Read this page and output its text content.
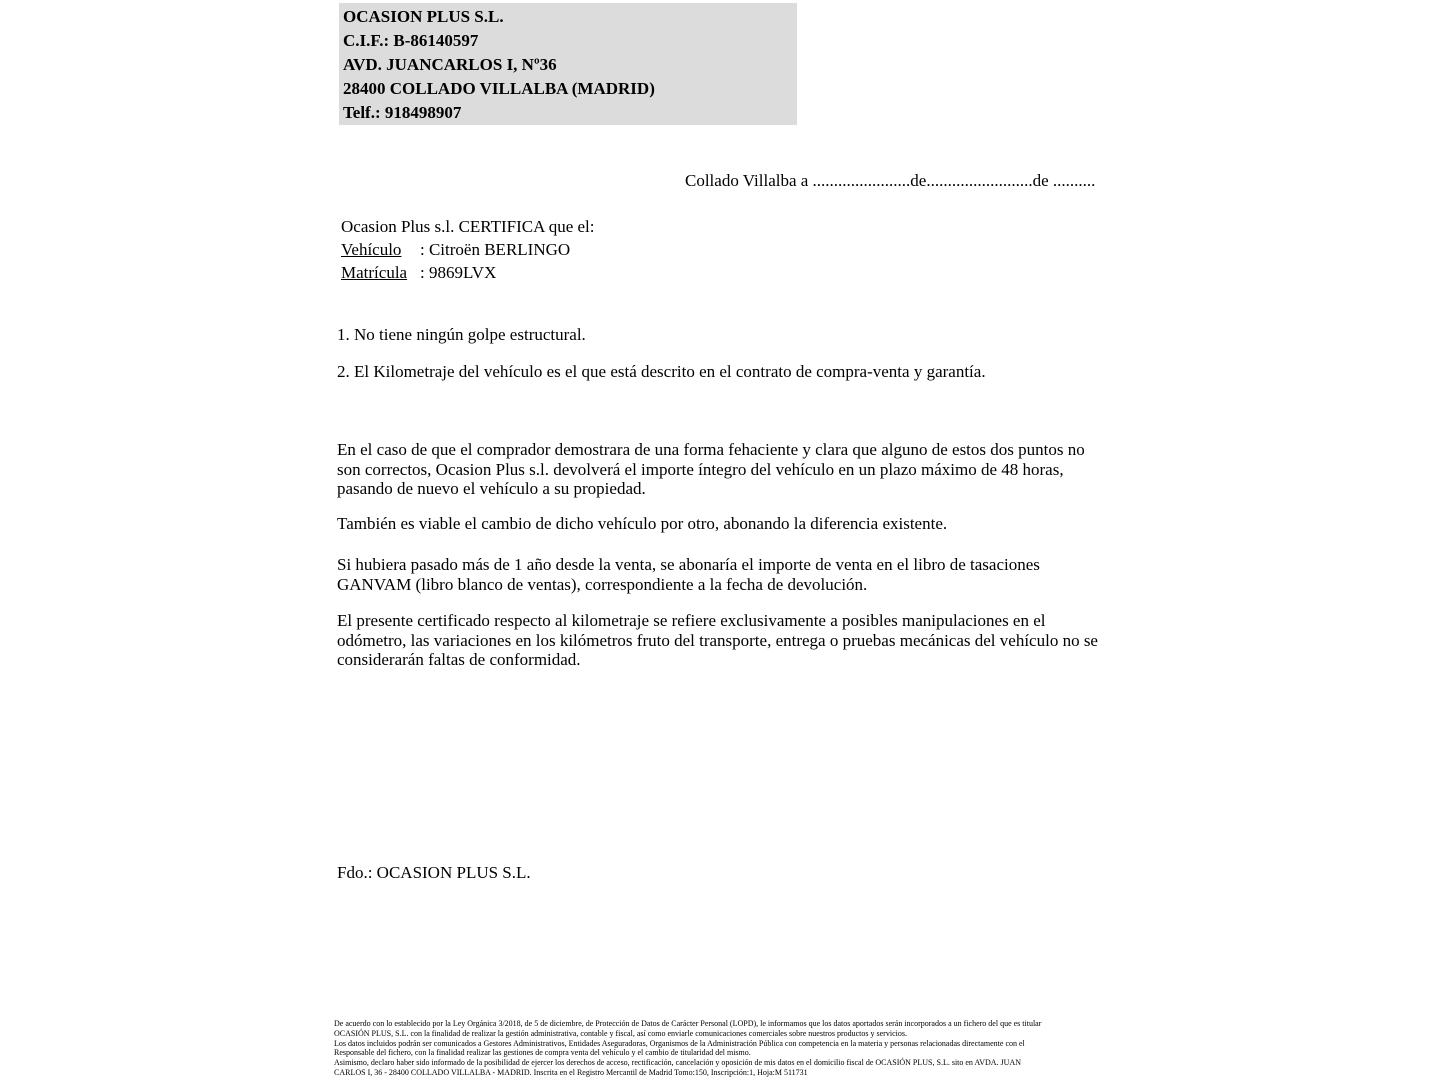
OCASION PLUS S.L.
C.I.F.: B-86140597
AVD. JUANCARLOS I, Nº36
28400 COLLADO VILLALBA (MADRID)
Telf.: 918498907
Collado Villalba a .......................de.........................de ..........
Ocasion Plus s.l. CERTIFICA que el:
Vehículo : Citroën BERLINGO
Matrícula : 9869LVX
1. No tiene ningún golpe estructural.
2. El Kilometraje del vehículo es el que está descrito en el contrato de compra-venta y garantía.
En el caso de que el comprador demostrara de una forma fehaciente y clara que alguno de estos dos puntos no son correctos, Ocasion Plus s.l. devolverá el importe íntegro del vehículo en un plazo máximo de 48 horas, pasando de nuevo el vehículo a su propiedad.
También es viable el cambio de dicho vehículo por otro, abonando la diferencia existente.
Si hubiera pasado más de 1 año desde la venta, se abonaría el importe de venta en el libro de tasaciones GANVAM (libro blanco de ventas), correspondiente a la fecha de devolución.
El presente certificado respecto al kilometraje se refiere exclusivamente a posibles manipulaciones en el odómetro, las variaciones en los kilómetros fruto del transporte, entrega o pruebas mecánicas del vehículo no se considerarán faltas de conformidad.
Fdo.: OCASION PLUS S.L.
De acuerdo con lo establecido por la Ley Orgánica 3/2018, de 5 de diciembre, de Protección de Datos de Carácter Personal (LOPD), le informamos que los datos aportados serán incorporados a un fichero del que es titular
OCASIÓN PLUS, S.L. con la finalidad de realizar la gestión administrativa, contable y fiscal, así como enviarle comunicaciones comerciales sobre nuestros productos y servicios.
Los datos incluidos podrán ser comunicados a Gestores Administrativos, Entidades Aseguradoras, Organismos de la Administración Pública con competencia en la materia y personas relacionadas directamente con el
Responsable del fichero, con la finalidad realizar las gestiones de compra venta del vehículo y el cambio de titularidad del mismo.
Asimismo, declaro haber sido informado de la posibilidad de ejercer los derechos de acceso, rectificación, cancelación y oposición de mis datos en el domicilio fiscal de OCASIÓN PLUS, S.L. sito en AVDA. JUAN
CARLOS I, 36 - 28400 COLLADO VILLALBA - MADRID. Inscrita en el Registro Mercantil de Madrid Tomo:150, Inscripción:1, Hoja:M 511731
